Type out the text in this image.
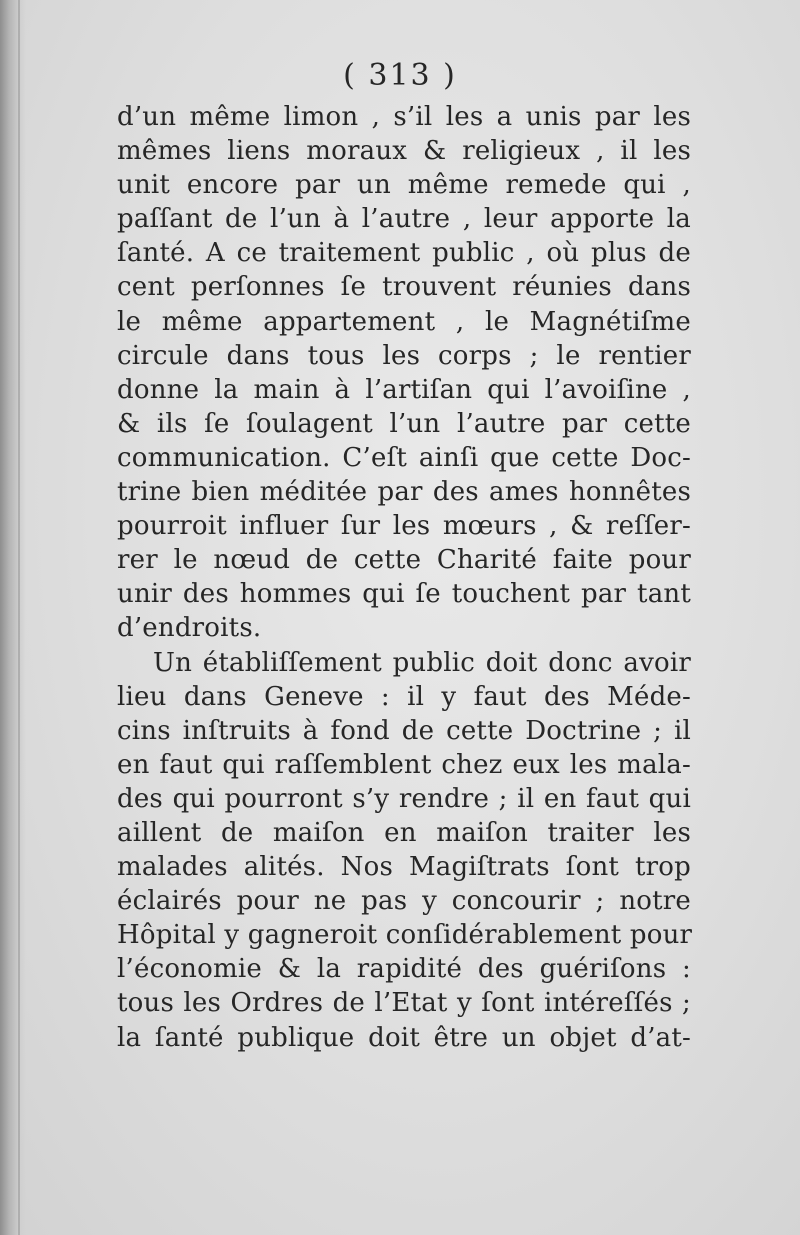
( 313 )
d’un même limon , s’il les a unis par les
mêmes liens moraux & religieux , il les
unit encore par un même remede qui ,
paſſant de l’un à l’autre , leur apporte la
ſanté. A ce traitement public , où plus de
cent perſonnes ſe trouvent réunies dans
le même appartement , le Magnétiſme
circule dans tous les corps ; le rentier
donne la main à l’artiſan qui l’avoiſine ,
& ils ſe ſoulagent l’un l’autre par cette
communication. C’eſt ainſi que cette Doc-
trine bien méditée par des ames honnêtes
pourroit influer ſur les mœurs , & reſſer-
rer le nœud de cette Charité faite pour
unir des hommes qui ſe touchent par tant
d’endroits.
Un établiſſement public doit donc avoir
lieu dans Geneve : il y faut des Méde-
cins inſtruits à fond de cette Doctrine ; il
en faut qui raſſemblent chez eux les mala-
des qui pourront s’y rendre ; il en faut qui
aillent de maiſon en maiſon traiter les
malades alités. Nos Magiſtrats ſont trop
éclairés pour ne pas y concourir ; notre
Hôpital y gagneroit conſidérablement pour
l’économie & la rapidité des guériſons :
tous les Ordres de l’Etat y ſont intéreſſés ;
la ſanté publique doit être un objet d’at-
